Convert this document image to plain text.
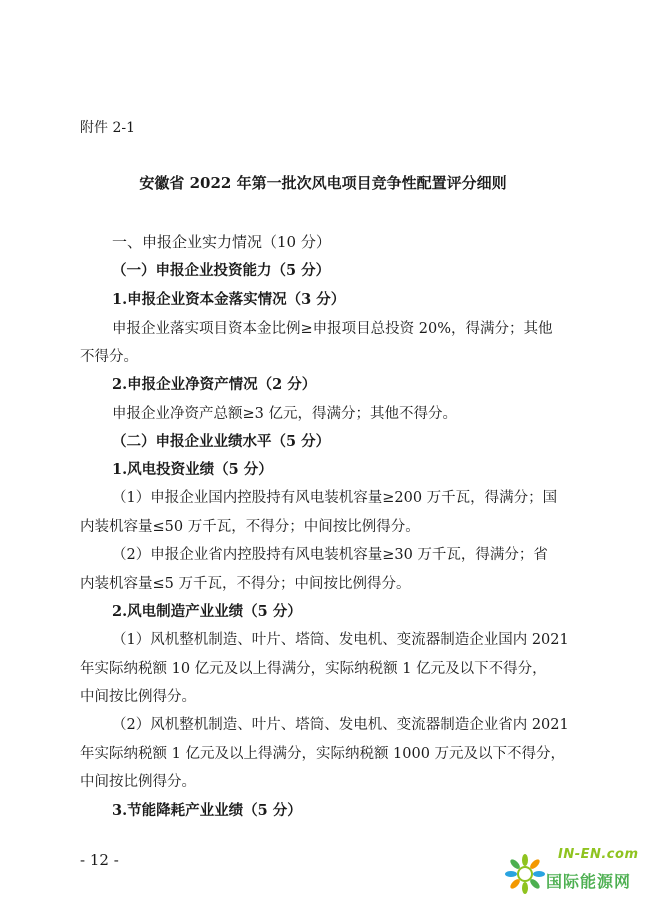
附件 2-1
安徽省 2022 年第一批次风电项目竞争性配置评分细则
一、申报企业实力情况（10 分）
（一）申报企业投资能力（5 分）
1.申报企业资本金落实情况（3 分）
申报企业落实项目资本金比例≥申报项目总投资 20%，得满分；其他
不得分。
2.申报企业净资产情况（2 分）
申报企业净资产总额≥3 亿元，得满分；其他不得分。
（二）申报企业业绩水平（5 分）
1.风电投资业绩（5 分）
（1）申报企业国内控股持有风电装机容量≥200 万千瓦，得满分；国
内装机容量≤50 万千瓦，不得分；中间按比例得分。
（2）申报企业省内控股持有风电装机容量≥30 万千瓦，得满分；省
内装机容量≤5 万千瓦，不得分；中间按比例得分。
2.风电制造产业业绩（5 分）
（1）风机整机制造、叶片、塔筒、发电机、变流器制造企业国内 2021
年实际纳税额 10 亿元及以上得满分，实际纳税额 1 亿元及以下不得分，
中间按比例得分。
（2）风机整机制造、叶片、塔筒、发电机、变流器制造企业省内 2021
年实际纳税额 1 亿元及以上得满分，实际纳税额 1000 万元及以下不得分，
中间按比例得分。
3.节能降耗产业业绩（5 分）
- 12 -	IN-EN.com
国际能源网
